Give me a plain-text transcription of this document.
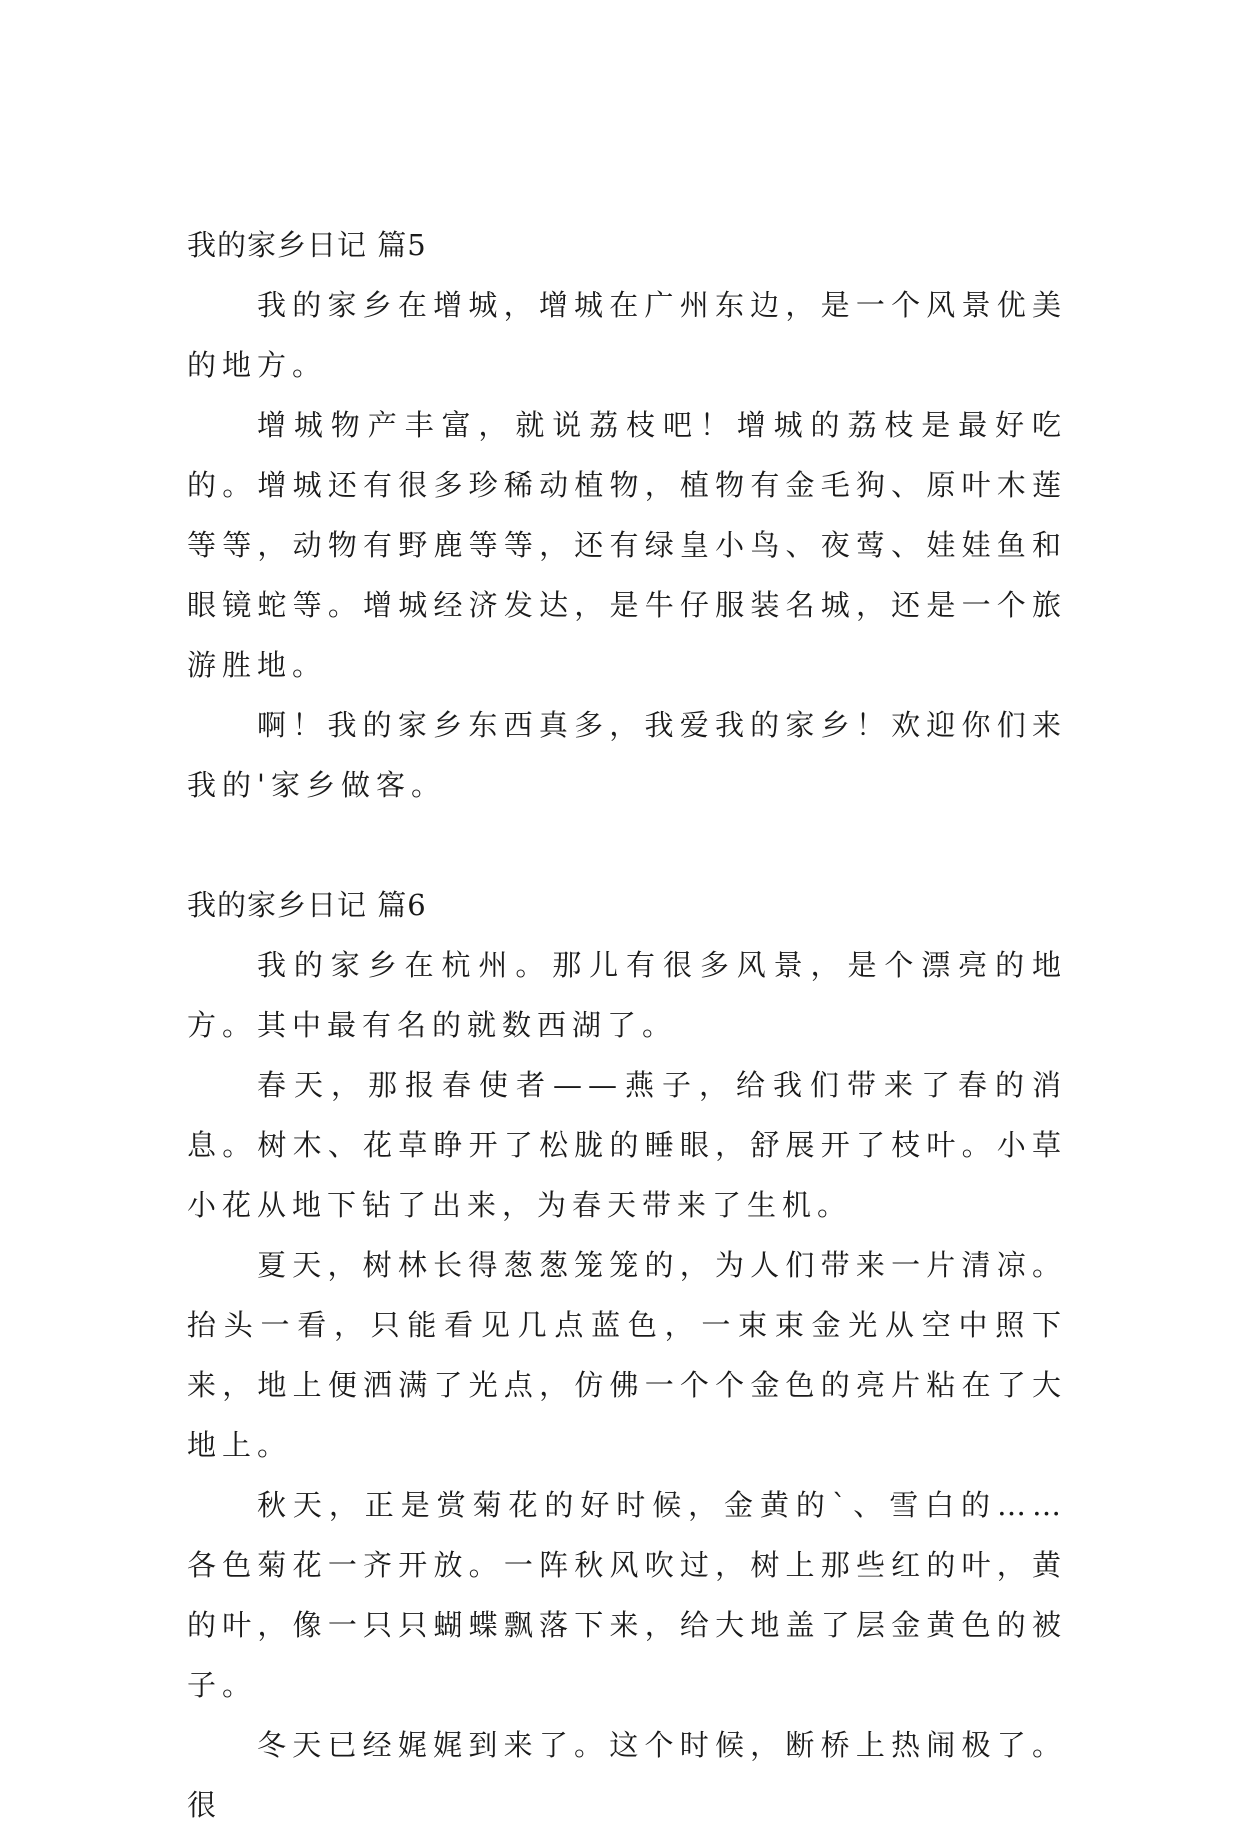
我的家乡日记 篇5

我的家乡在增城，增城在广州东边，是一个风景优美的地方。

增城物产丰富，就说荔枝吧！增城的荔枝是最好吃的。增城还有很多珍稀动植物，植物有金毛狗、原叶木莲等等，动物有野鹿等等，还有绿皇小鸟、夜莺、娃娃鱼和眼镜蛇等。增城经济发达，是牛仔服装名城，还是一个旅游胜地。

啊！我的家乡东西真多，我爱我的家乡！欢迎你们来我的'家乡做客。

我的家乡日记 篇6

我的家乡在杭州。那儿有很多风景，是个漂亮的地方。其中最有名的就数西湖了。

春天，那报春使者——燕子，给我们带来了春的消息。树木、花草睁开了松胧的睡眼，舒展开了枝叶。小草小花从地下钻了出来，为春天带来了生机。

夏天，树林长得葱葱笼笼的，为人们带来一片清凉。抬头一看，只能看见几点蓝色，一束束金光从空中照下来，地上便洒满了光点，仿佛一个个金色的亮片粘在了大地上。

秋天，正是赏菊花的好时候，金黄的`、雪白的……各色菊花一齐开放。一阵秋风吹过，树上那些红的叶，黄的叶，像一只只蝴蝶飘落下来，给大地盖了层金黄色的被子。

冬天已经娓娓到来了。这个时候，断桥上热闹极了。很
